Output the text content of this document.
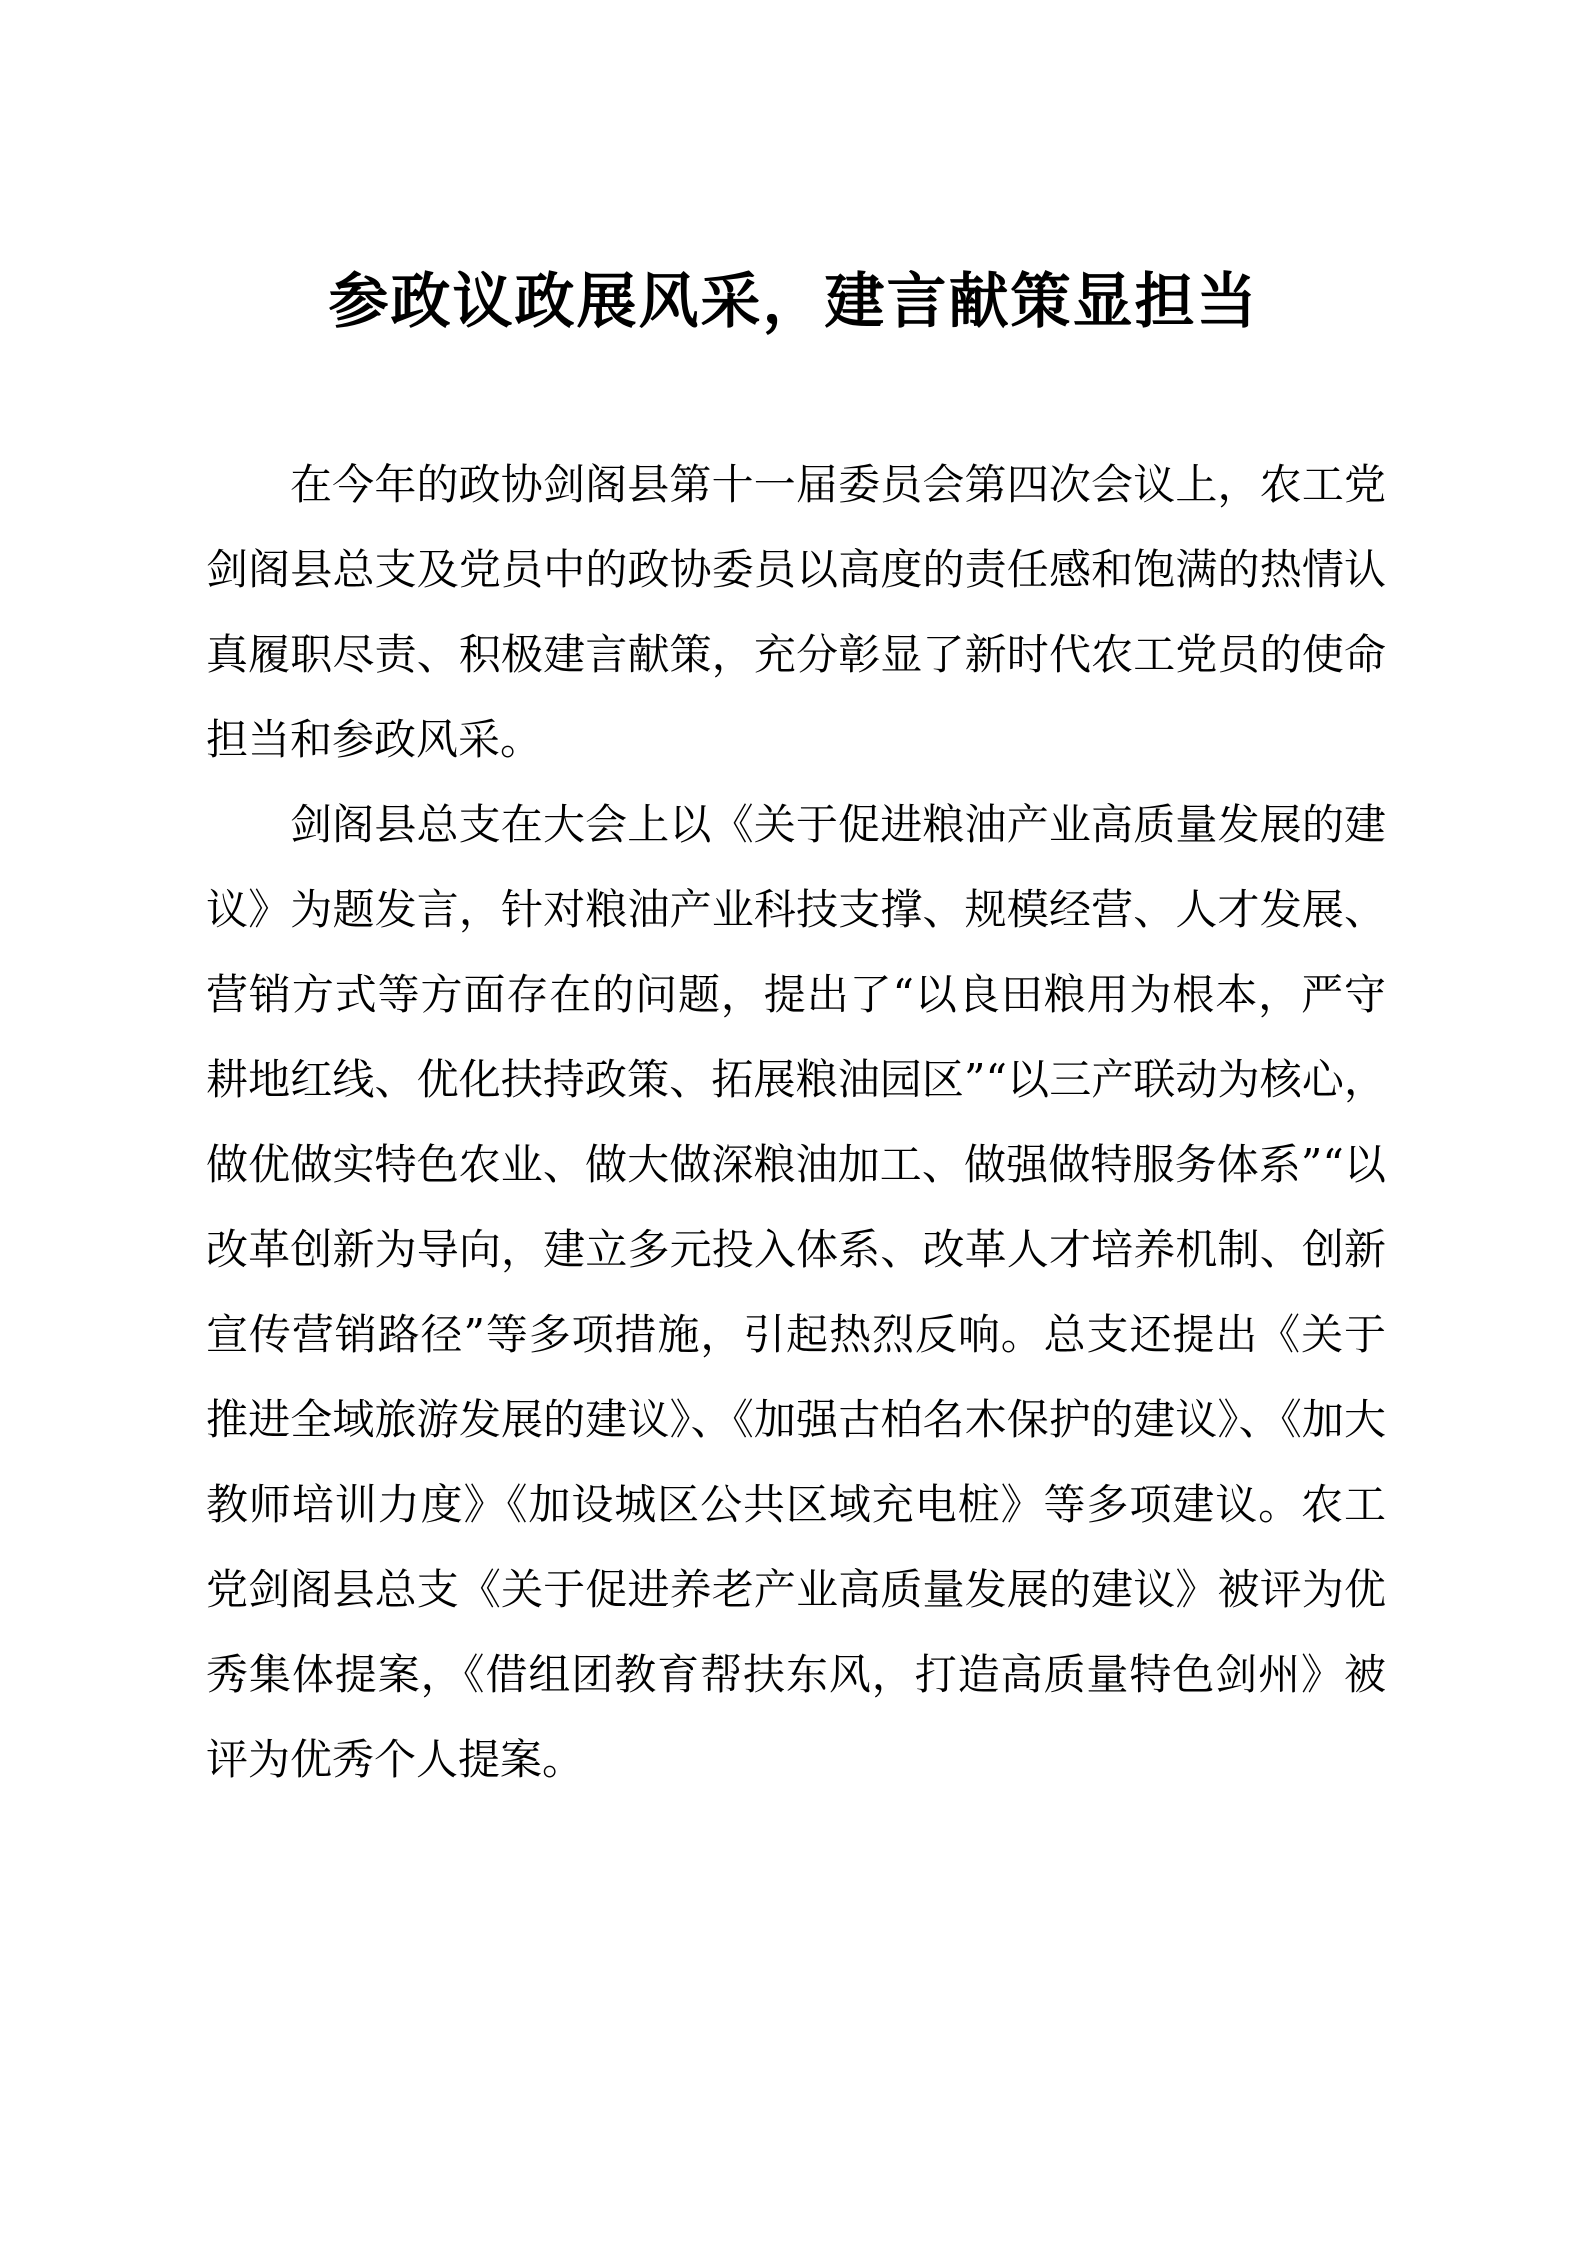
参政议政展风采，建言献策显担当

在今年的政协剑阁县第十一届委员会第四次会议上，农工党剑阁县总支及党员中的政协委员以高度的责任感和饱满的热情认真履职尽责、积极建言献策，充分彰显了新时代农工党员的使命担当和参政风采。

剑阁县总支在大会上以《关于促进粮油产业高质量发展的建议》为题发言，针对粮油产业科技支撑、规模经营、人才发展、营销方式等方面存在的问题，提出了“以良田粮用为根本，严守耕地红线、优化扶持政策、拓展粮油园区”“以三产联动为核心，做优做实特色农业、做大做深粮油加工、做强做特服务体系”“以改革创新为导向，建立多元投入体系、改革人才培养机制、创新宣传营销路径”等多项措施，引起热烈反响。总支还提出《关于推进全域旅游发展的建议》、《加强古柏名木保护的建议》、《加大教师培训力度》《加设城区公共区域充电桩》等多项建议。农工党剑阁县总支《关于促进养老产业高质量发展的建议》被评为优秀集体提案，《借组团教育帮扶东风，打造高质量特色剑州》被评为优秀个人提案。
